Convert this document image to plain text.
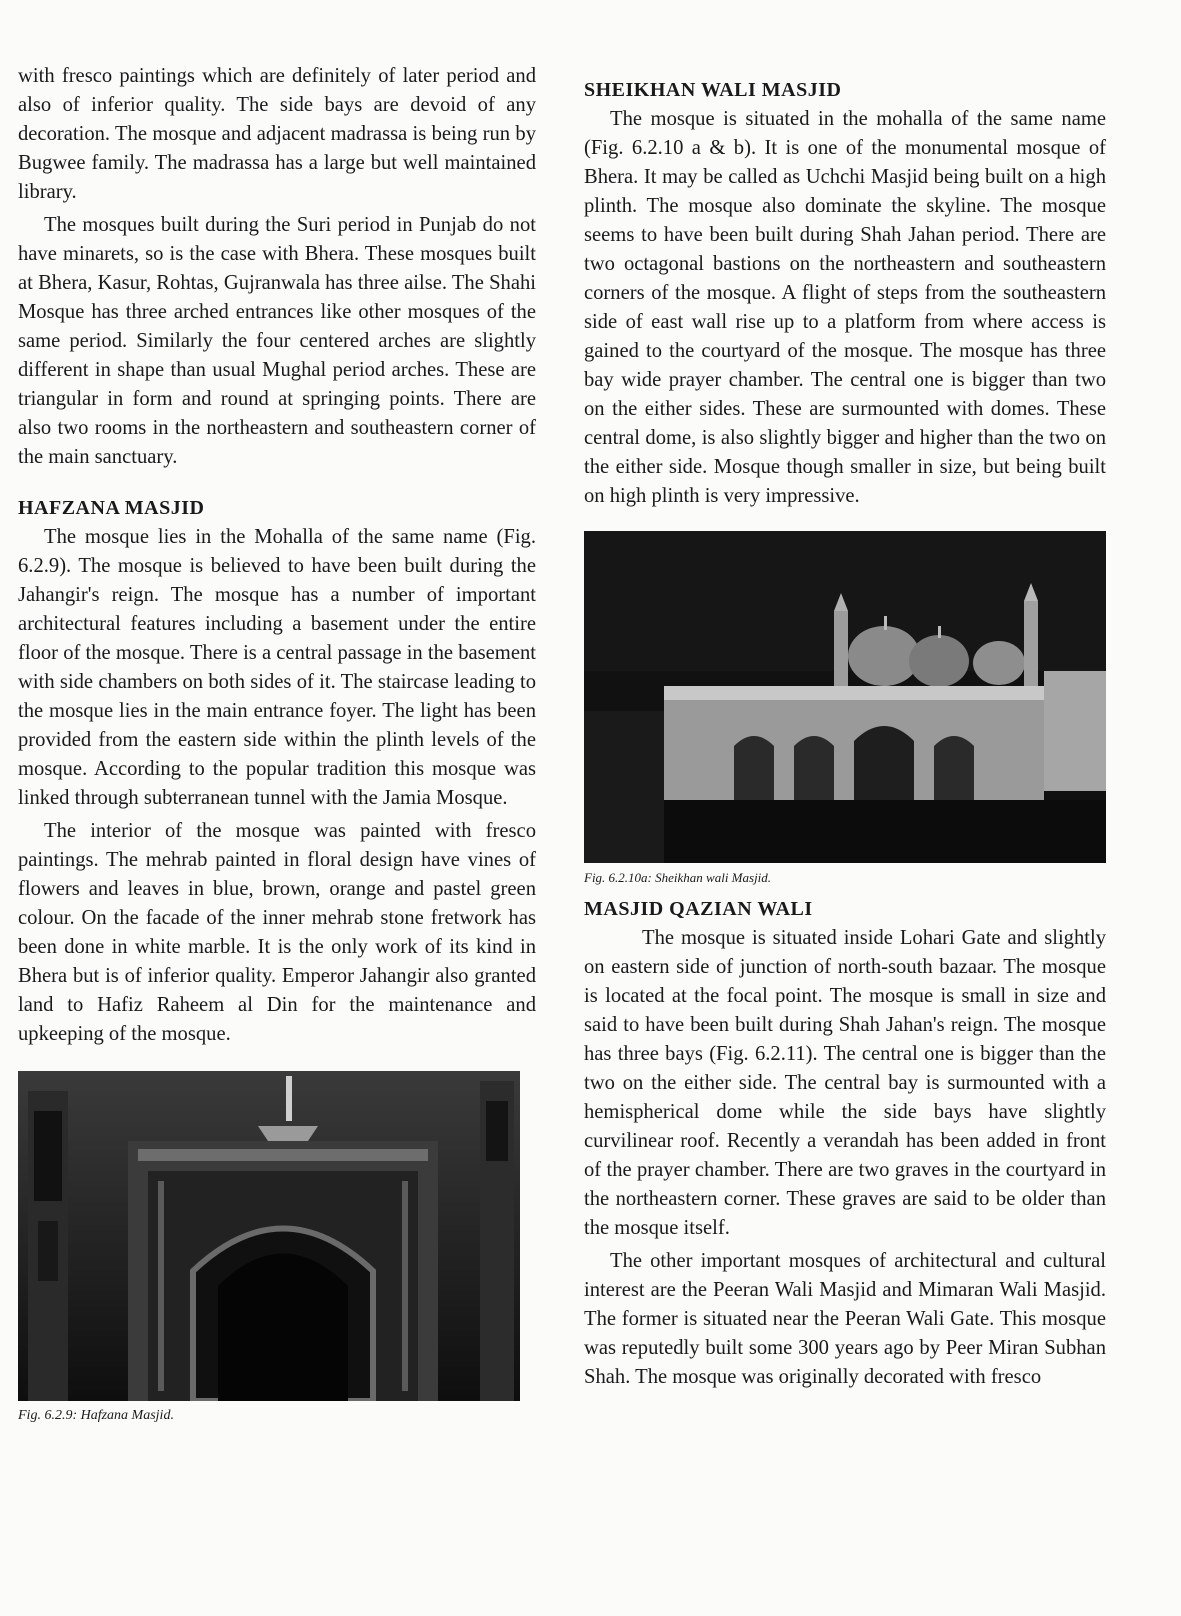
with fresco paintings which are definitely of later period and also of inferior quality. The side bays are devoid of any decoration. The mosque and adjacent madrassa is being run by Bugwee family. The madrassa has a large but well maintained library.

The mosques built during the Suri period in Punjab do not have minarets, so is the case with Bhera. These mosques built at Bhera, Kasur, Rohtas, Gujranwala has three ailse. The Shahi Mosque has three arched entrances like other mosques of the same period. Similarly the four centered arches are slightly different in shape than usual Mughal period arches. These are triangular in form and round at springing points. There are also two rooms in the northeastern and southeastern corner of the main sanctuary.

HAFZANA MASJID

The mosque lies in the Mohalla of the same name (Fig. 6.2.9). The mosque is believed to have been built during the Jahangir's reign. The mosque has a number of important architectural features including a basement under the entire floor of the mosque. There is a central passage in the basement with side chambers on both sides of it. The staircase leading to the mosque lies in the main entrance foyer. The light has been provided from the eastern side within the plinth levels of the mosque. According to the popular tradition this mosque was linked through subterranean tunnel with the Jamia Mosque.

The interior of the mosque was painted with fresco paintings. The mehrab painted in floral design have vines of flowers and leaves in blue, brown, orange and pastel green colour. On the facade of the inner mehrab stone fretwork has been done in white marble. It is the only work of its kind in Bhera but is of inferior quality. Emperor Jahangir also granted land to Hafiz Raheem al Din for the maintenance and upkeeping of the mosque.

Fig. 6.2.9: Hafzana Masjid.
SHEIKHAN WALI MASJID

The mosque is situated in the mohalla of the same name (Fig. 6.2.10 a & b). It is one of the monumental mosque of Bhera. It may be called as Uchchi Masjid being built on a high plinth. The mosque also dominate the skyline. The mosque seems to have been built during Shah Jahan period. There are two octagonal bastions on the northeastern and southeastern corners of the mosque. A flight of steps from the southeastern side of east wall rise up to a platform from where access is gained to the courtyard of the mosque. The mosque has three bay wide prayer chamber. The central one is bigger than two on the either sides. These are surmounted with domes. These central dome, is also slightly bigger and higher than the two on the either side. Mosque though smaller in size, but being built on high plinth is very impressive.

Fig. 6.2.10a: Sheikhan wali Masjid.
MASJID QAZIAN WALI

The mosque is situated inside Lohari Gate and slightly on eastern side of junction of north-south bazaar. The mosque is located at the focal point. The mosque is small in size and said to have been built during Shah Jahan's reign. The mosque has three bays (Fig. 6.2.11). The central one is bigger than the two on the either side. The central bay is surmounted with a hemispherical dome while the side bays have slightly curvilinear roof. Recently a verandah has been added in front of the prayer chamber. There are two graves in the courtyard in the northeastern corner. These graves are said to be older than the mosque itself.

The other important mosques of architectural and cultural interest are the Peeran Wali Masjid and Mimaran Wali Masjid. The former is situated near the Peeran Wali Gate. This mosque was reputedly built some 300 years ago by Peer Miran Subhan Shah. The mosque was originally decorated with fresco
